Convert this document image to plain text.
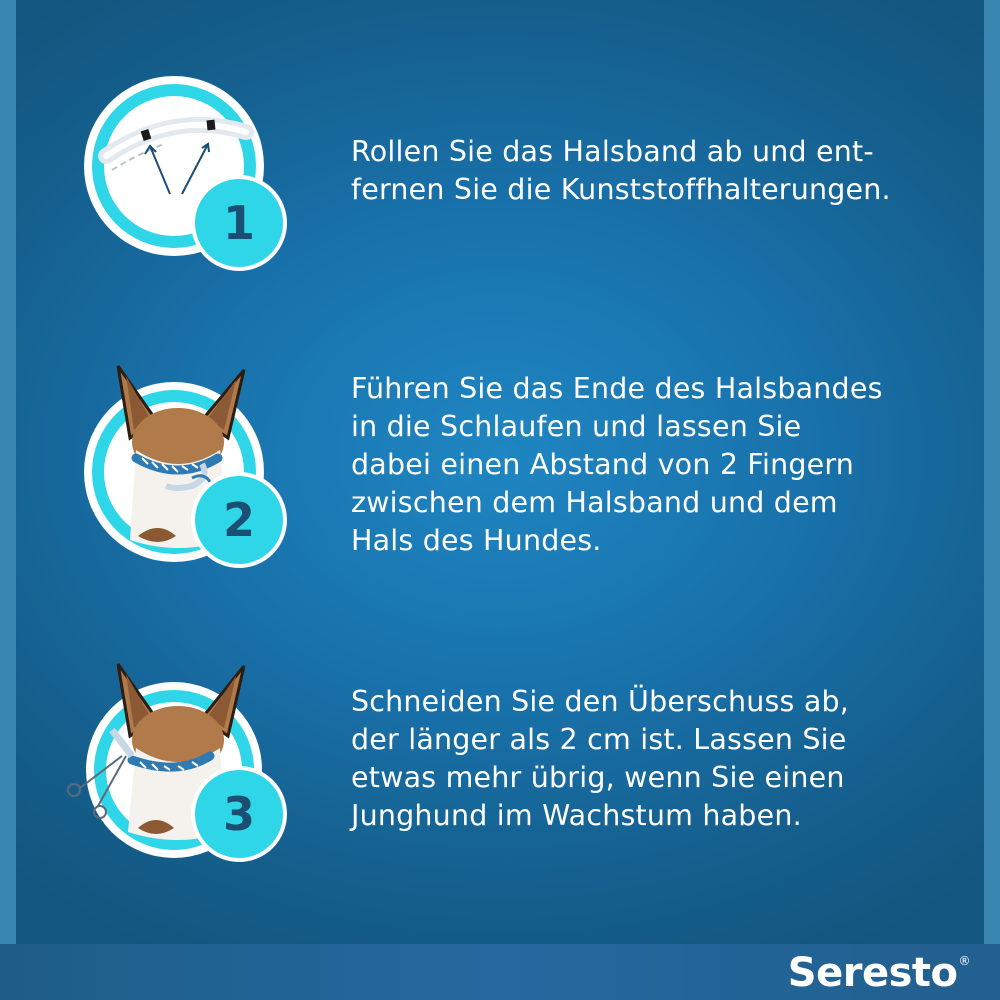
1
Rollen Sie das Halsband ab und ent-
fernen Sie die Kunststoffhalterungen.
2
Führen Sie das Ende des Halsbandes
in die Schlaufen und lassen Sie
dabei einen Abstand von 2 Fingern
zwischen dem Halsband und dem
Hals des Hundes.
3
Schneiden Sie den Überschuss ab,
der länger als 2 cm ist. Lassen Sie
etwas mehr übrig, wenn Sie einen
Junghund im Wachstum haben.
Seresto®
